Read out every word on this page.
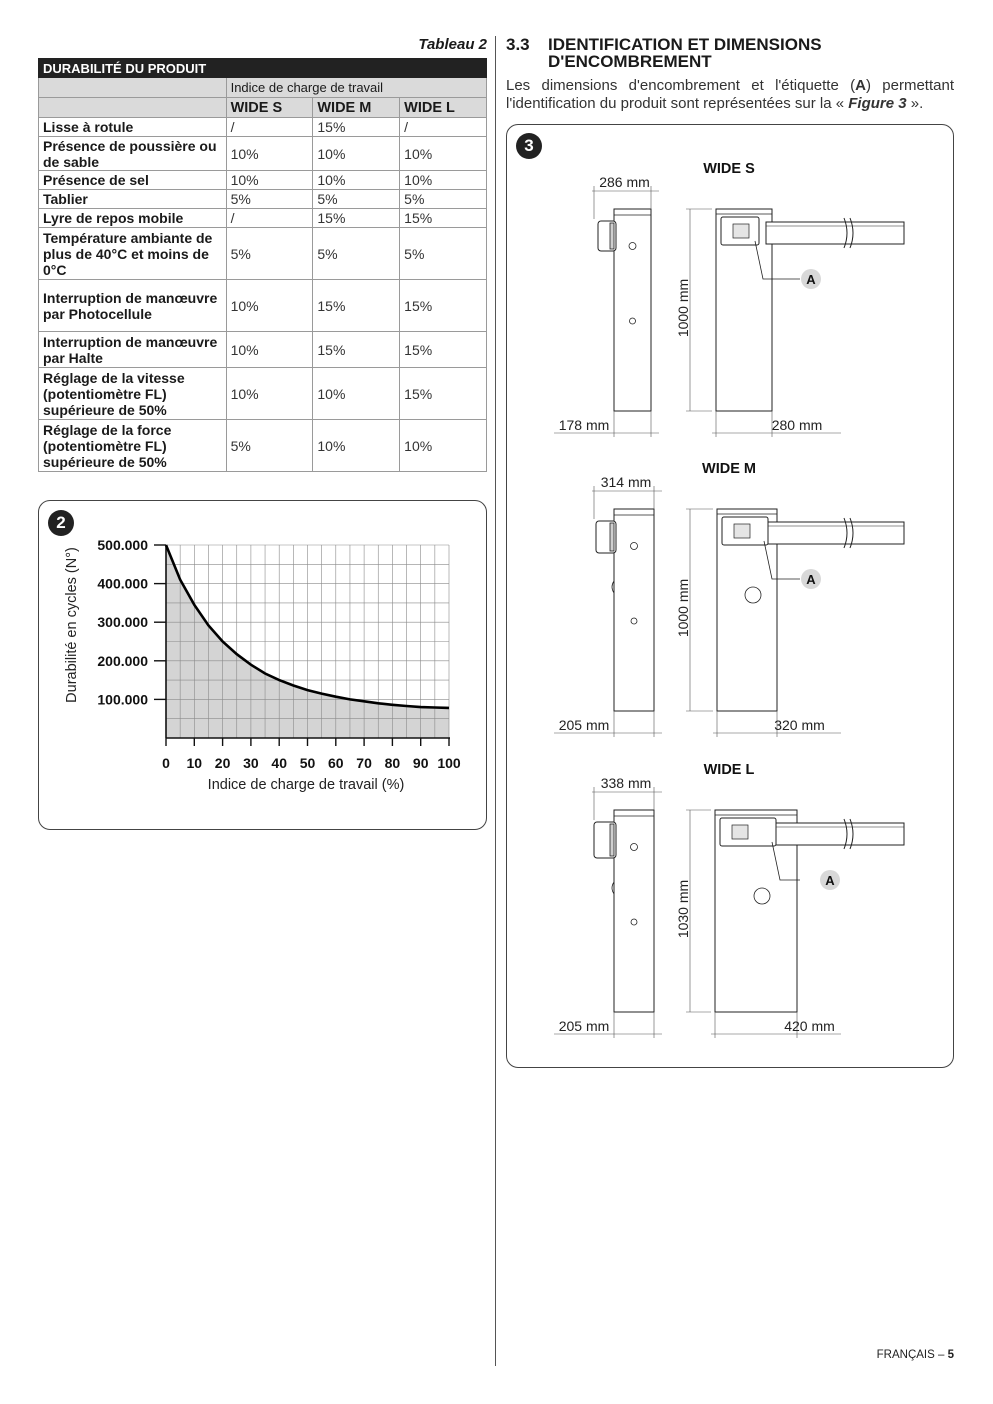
Tableau 2
DURABILITÉ DU PRODUIT			
	Indice de charge de travail		
	WIDE S	WIDE M	WIDE L
Lisse à rotule	/	15%	/
Présence de poussière ou de sable	10%	10%	10%
Présence de sel	10%	10%	10%
Tablier	5%	5%	5%
Lyre de repos mobile	/	15%	15%
Température ambiante de plus de 40°C et moins de 0°C	5%	5%	5%
Interruption de manœuvre par Photocellule	10%	15%	15%
Interruption de manœuvre par Halte	10%	15%	15%
Réglage de la vitesse (potentiomètre FL) supérieure de 50%	10%	10%	15%
Réglage de la force (potentiomètre FL) supérieure de 50%	5%	10%	10%
2
0 10 20 30 40 50 60 70 80 90 100
100.000
200.000
300.000
400.000
500.000
Indice de charge de travail (%)
Durabilité en cycles (N°)
3.3 IDENTIFICATION ET DIMENSIONS D'ENCOMBREMENT
Les dimensions d'encombrement et l'étiquette (A) permettant l'identification du produit sont représentées sur la « Figure 3 ».
3
WIDE S
286 mm
178 mm
1000 mm	A
280 mm
WIDE M
314 mm
205 mm
1000 mm	A
320 mm
WIDE L
338 mm
205 mm
1030 mm	A
420 mm
FRANÇAIS – 5
